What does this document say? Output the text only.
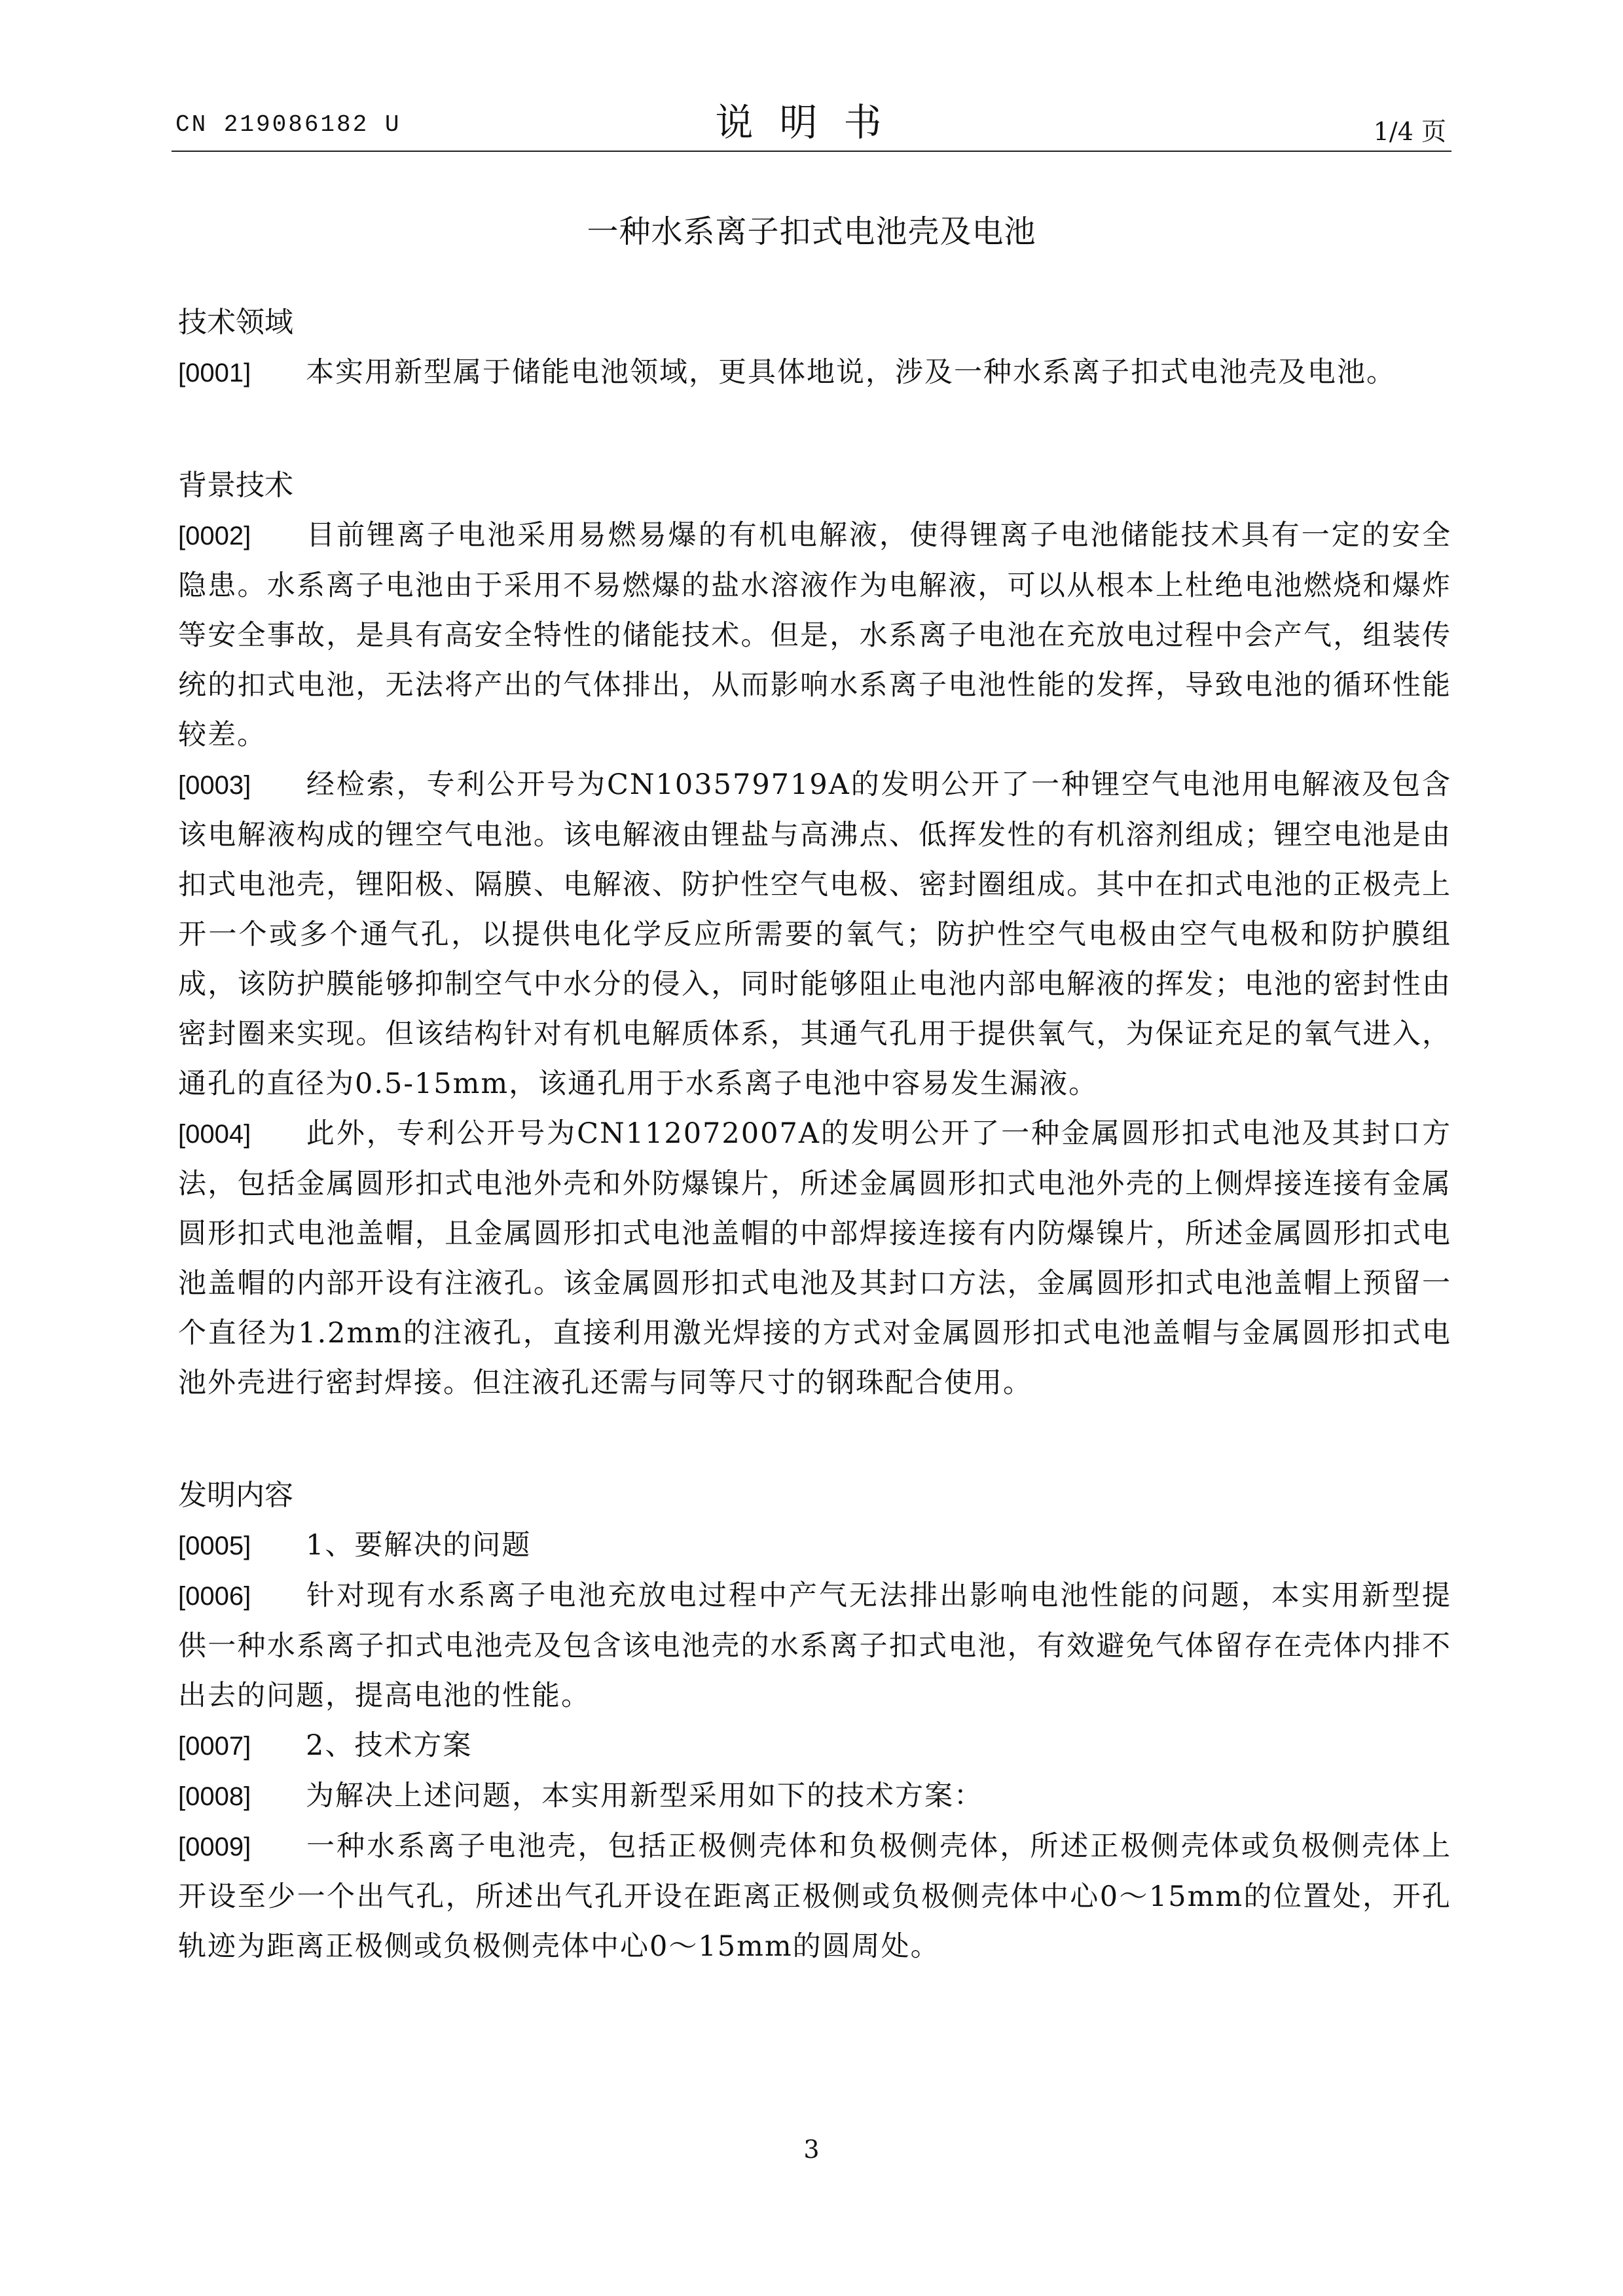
CN 219086182 U	说明书	1/4 页
一种水系离子扣式电池壳及电池
技术领域

[0001] 本实用新型属于储能电池领域，更具体地说，涉及一种水系离子扣式电池壳及电池。

背景技术

[0002] 目前锂离子电池采用易燃易爆的有机电解液，使得锂离子电池储能技术具有一定的安全隐患。水系离子电池由于采用不易燃爆的盐水溶液作为电解液，可以从根本上杜绝电池燃烧和爆炸等安全事故，是具有高安全特性的储能技术。但是，水系离子电池在充放电过程中会产气，组装传统的扣式电池，无法将产出的气体排出，从而影响水系离子电池性能的发挥，导致电池的循环性能较差。

[0003] 经检索，专利公开号为CN103579719A的发明公开了一种锂空气电池用电解液及包含该电解液构成的锂空气电池。该电解液由锂盐与高沸点、低挥发性的有机溶剂组成；锂空电池是由扣式电池壳，锂阳极、隔膜、电解液、防护性空气电极、密封圈组成。其中在扣式电池的正极壳上开一个或多个通气孔，以提供电化学反应所需要的氧气；防护性空气电极由空气电极和防护膜组成，该防护膜能够抑制空气中水分的侵入，同时能够阻止电池内部电解液的挥发；电池的密封性由密封圈来实现。但该结构针对有机电解质体系，其通气孔用于提供氧气，为保证充足的氧气进入，通孔的直径为0.5-15mm，该通孔用于水系离子电池中容易发生漏液。

[0004] 此外，专利公开号为CN112072007A的发明公开了一种金属圆形扣式电池及其封口方法，包括金属圆形扣式电池外壳和外防爆镍片，所述金属圆形扣式电池外壳的上侧焊接连接有金属圆形扣式电池盖帽，且金属圆形扣式电池盖帽的中部焊接连接有内防爆镍片，所述金属圆形扣式电池盖帽的内部开设有注液孔。该金属圆形扣式电池及其封口方法，金属圆形扣式电池盖帽上预留一个直径为1.2mm的注液孔，直接利用激光焊接的方式对金属圆形扣式电池盖帽与金属圆形扣式电池外壳进行密封焊接。但注液孔还需与同等尺寸的钢珠配合使用。

发明内容

[0005] 1、要解决的问题

[0006] 针对现有水系离子电池充放电过程中产气无法排出影响电池性能的问题，本实用新型提供一种水系离子扣式电池壳及包含该电池壳的水系离子扣式电池，有效避免气体留存在壳体内排不出去的问题，提高电池的性能。

[0007] 2、技术方案

[0008] 为解决上述问题，本实用新型采用如下的技术方案：

[0009] 一种水系离子电池壳，包括正极侧壳体和负极侧壳体，所述正极侧壳体或负极侧壳体上开设至少一个出气孔，所述出气孔开设在距离正极侧或负极侧壳体中心0～15mm的位置处，开孔轨迹为距离正极侧或负极侧壳体中心0～15mm的圆周处。

3
